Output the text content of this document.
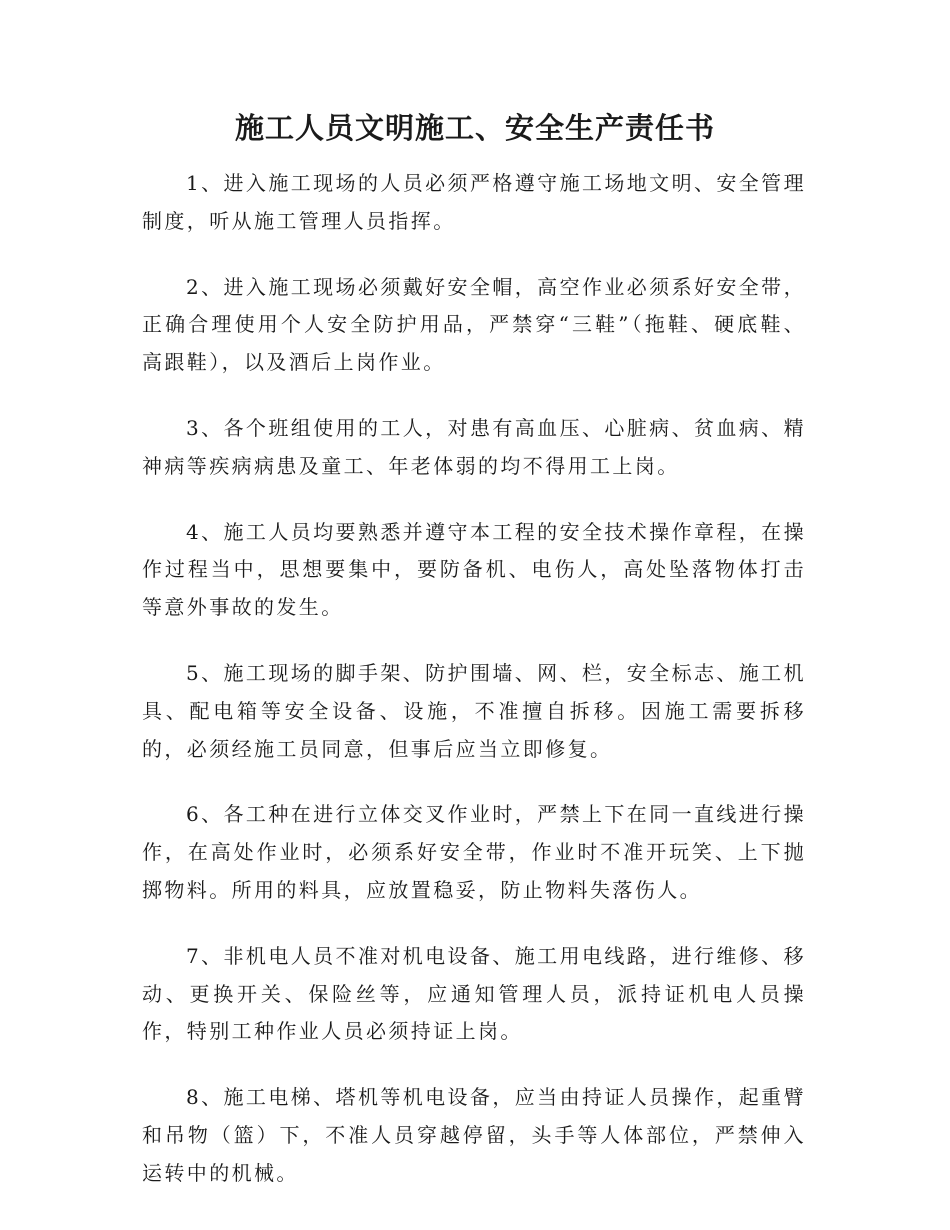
施工人员文明施工、安全生产责任书

1、进入施工现场的人员必须严格遵守施工场地文明、安全管理制度，听从施工管理人员指挥。

2、进入施工现场必须戴好安全帽，高空作业必须系好安全带，正确合理使用个人安全防护用品，严禁穿“三鞋”（拖鞋、硬底鞋、高跟鞋），以及酒后上岗作业。

3、各个班组使用的工人，对患有高血压、心脏病、贫血病、精神病等疾病病患及童工、年老体弱的均不得用工上岗。

4、施工人员均要熟悉并遵守本工程的安全技术操作章程，在操作过程当中，思想要集中，要防备机、电伤人，高处坠落物体打击等意外事故的发生。

5、施工现场的脚手架、防护围墙、网、栏，安全标志、施工机具、配电箱等安全设备、设施，不准擅自拆移。因施工需要拆移的，必须经施工员同意，但事后应当立即修复。

6、各工种在进行立体交叉作业时，严禁上下在同一直线进行操作，在高处作业时，必须系好安全带，作业时不准开玩笑、上下抛掷物料。所用的料具，应放置稳妥，防止物料失落伤人。

7、非机电人员不准对机电设备、施工用电线路，进行维修、移动、更换开关、保险丝等，应通知管理人员，派持证机电人员操作，特别工种作业人员必须持证上岗。

8、施工电梯、塔机等机电设备，应当由持证人员操作，起重臂和吊物（篮）下，不准人员穿越停留，头手等人体部位，严禁伸入运转中的机械。
